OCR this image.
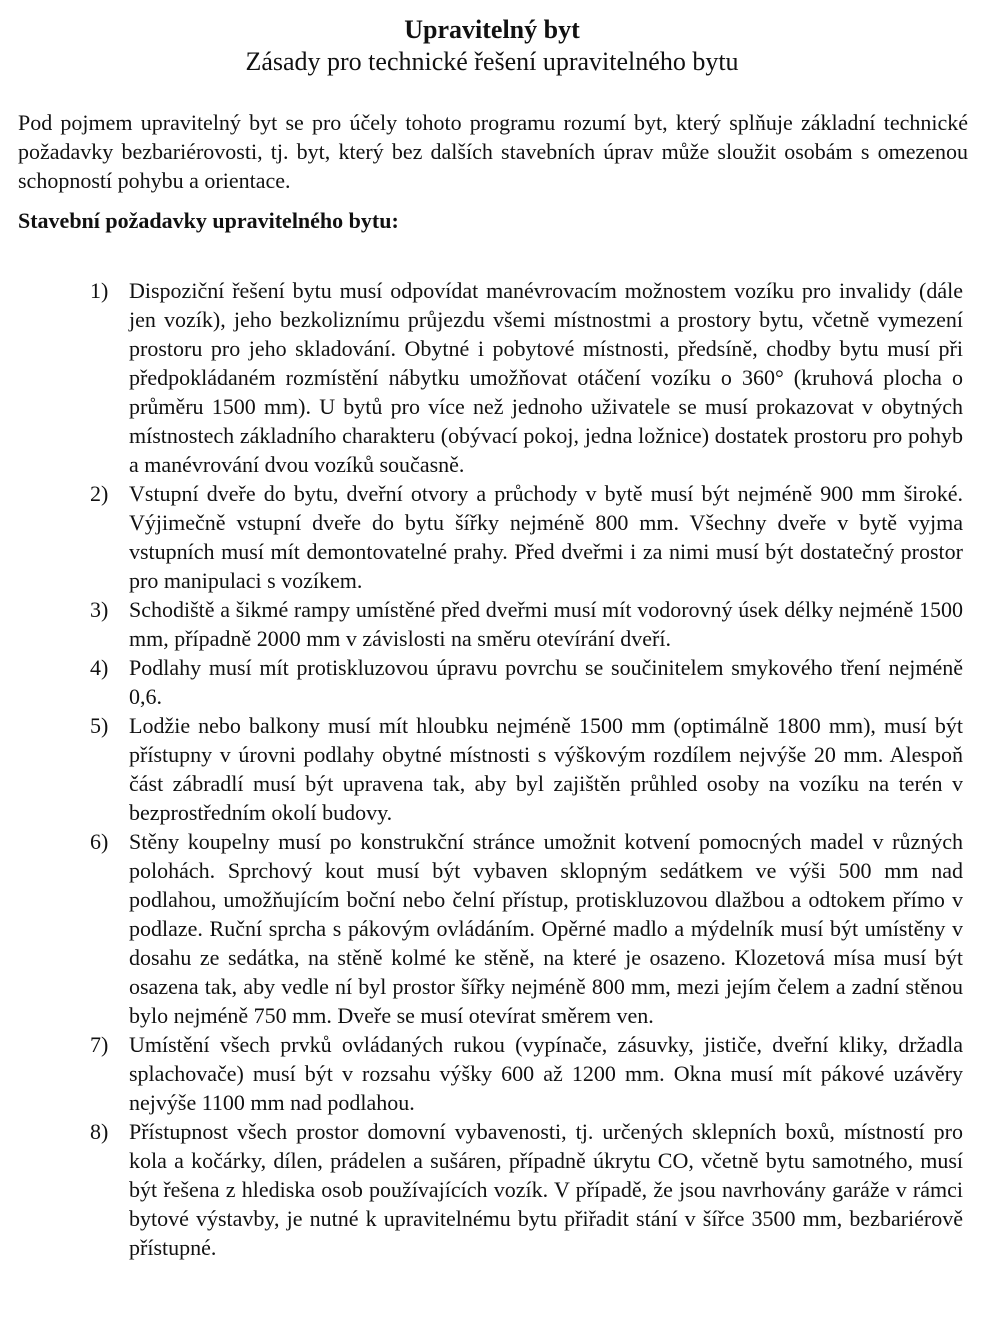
Upravitelný byt
Zásady pro technické řešení upravitelného bytu

Pod pojmem upravitelný byt se pro účely tohoto programu rozumí byt, který splňuje základní technické požadavky bezbariérovosti, tj. byt, který bez dalších stavebních úprav může sloužit osobám s omezenou schopností pohybu a orientace.

Stavební požadavky upravitelného bytu:

1) Dispoziční řešení bytu musí odpovídat manévrovacím možnostem vozíku pro invalidy (dále jen vozík), jeho bezkoliznímu průjezdu všemi místnostmi a prostory bytu, včetně vymezení prostoru pro jeho skladování. Obytné i pobytové místnosti, předsíně, chodby bytu musí při předpokládaném rozmístění nábytku umožňovat otáčení vozíku o 360° (kruhová plocha o průměru 1500 mm). U bytů pro více než jednoho uživatele se musí prokazovat v obytných místnostech základního charakteru (obývací pokoj, jedna ložnice) dostatek prostoru pro pohyb a manévrování dvou vozíků současně.
2) Vstupní dveře do bytu, dveřní otvory a průchody v bytě musí být nejméně 900 mm široké. Výjimečně vstupní dveře do bytu šířky nejméně 800 mm. Všechny dveře v bytě vyjma vstupních musí mít demontovatelné prahy. Před dveřmi i za nimi musí být dostatečný prostor pro manipulaci s vozíkem.
3) Schodiště a šikmé rampy umístěné před dveřmi musí mít vodorovný úsek délky nejméně 1500 mm, případně 2000 mm v závislosti na směru otevírání dveří.
4) Podlahy musí mít protiskluzovou úpravu povrchu se součinitelem smykového tření nejméně 0,6.
5) Lodžie nebo balkony musí mít hloubku nejméně 1500 mm (optimálně 1800 mm), musí být přístupny v úrovni podlahy obytné místnosti s výškovým rozdílem nejvýše 20 mm. Alespoň část zábradlí musí být upravena tak, aby byl zajištěn průhled osoby na vozíku na terén v bezprostředním okolí budovy.
6) Stěny koupelny musí po konstrukční stránce umožnit kotvení pomocných madel v různých polohách. Sprchový kout musí být vybaven sklopným sedátkem ve výši 500 mm nad podlahou, umožňujícím boční nebo čelní přístup, protiskluzovou dlažbou a odtokem přímo v podlaze. Ruční sprcha s pákovým ovládáním. Opěrné madlo a mýdelník musí být umístěny v dosahu ze sedátka, na stěně kolmé ke stěně, na které je osazeno. Klozetová mísa musí být osazena tak, aby vedle ní byl prostor šířky nejméně 800 mm, mezi jejím čelem a zadní stěnou bylo nejméně 750 mm. Dveře se musí otevírat směrem ven.
7) Umístění všech prvků ovládaných rukou (vypínače, zásuvky, jističe, dveřní kliky, držadla splachovače) musí být v rozsahu výšky 600 až 1200 mm. Okna musí mít pákové uzávěry nejvýše 1100 mm nad podlahou.
8) Přístupnost všech prostor domovní vybavenosti, tj. určených sklepních boxů, místností pro kola a kočárky, dílen, prádelen a sušáren, případně úkrytu CO, včetně bytu samotného, musí být řešena z hlediska osob používajících vozík. V případě, že jsou navrhovány garáže v rámci bytové výstavby, je nutné k upravitelnému bytu přiřadit stání v šířce 3500 mm, bezbariérově přístupné.
